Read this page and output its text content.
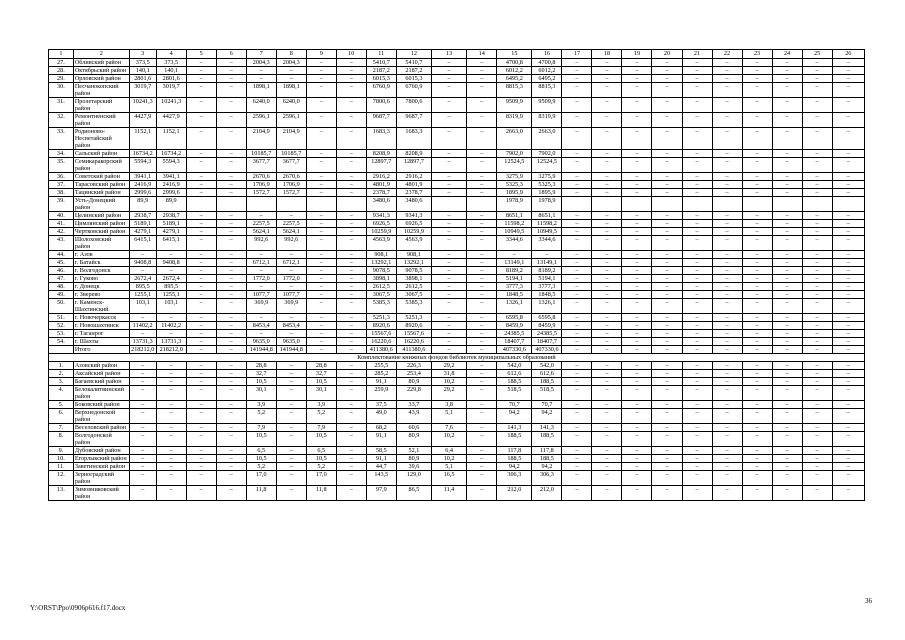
1	2	3	4	5	6	7	8	9	10	11	12	13	14	15	16	17	18	19	20	21	22	23	24	25	26
27.	Обливский район	373,5	373,5	–	–	2004,3	2004,3	–	–	5410,7	5410,7	–	–	4700,8	4700,8	–	–	–	–	–	–	–	–	–	–
28.	Октябрьский район	140,1	140,1	–	–	–	–	–	–	2187,2	2187,2	–	–	6012,2	6012,2	–	–	–	–	–	–	–	–	–	–
29.	Орловский район	2801,6	2801,6	–	–	–	–	–	–	6015,3	6015,3	–	–	6495,2	6495,2	–	–	–	–	–	–	–	–	–	–
30.	Песчанокопский район	3019,7	3019,7	–	–	1898,1	1898,1	–	–	6760,9	6760,9	–	–	8815,3	8815,3	–	–	–	–	–	–	–	–	–	–
31.	Пролетарский район	10241,3	10241,3	–	–	6240,0	6240,0	–	–	7800,6	7800,6	–	–	9509,9	9509,9	–	–	–	–	–	–	–	–	–	–
32.	Ремонтненский район	4427,9	4427,9	–	–	2596,1	2596,1	–	–	9687,7	9687,7	–	–	8319,9	8319,9	–	–	–	–	–	–	–	–	–	–
33.	Родионово-Несветайский район	1152,1	1152,1	–	–	2104,9	2104,9	–	–	1683,3	1683,3	–	–	2663,0	2663,0	–	–	–	–	–	–	–	–	–	–
34.	Сальский район	16734,2	16734,2	–	–	10185,7	10185,7	–	–	8208,9	8208,9	–	–	7902,0	7902,0	–	–	–	–	–	–	–	–	–	–
35.	Семикаракорский район	5594,3	5594,3	–	–	3677,7	3677,7	–	–	12897,7	12897,7	–	–	12524,5	12524,5	–	–	–	–	–	–	–	–	–	–
36.	Советский район	3941,1	3941,1	–	–	2670,6	2670,6	–	–	2916,2	2916,2	–	–	3275,9	3275,9	–	–	–	–	–	–	–	–	–	–
37.	Тарасовский район	2416,9	2416,9	–	–	1706,9	1706,9	–	–	4801,9	4801,9	–	–	5325,3	5325,3	–	–	–	–	–	–	–	–	–	–
38.	Тацинский район	2999,6	2999,6	–	–	1572,7	1572,7	–	–	2378,7	2378,7	–	–	1895,9	1895,9	–	–	–	–	–	–	–	–	–	–
39.	Усть-Донецкий район	89,9	89,9							3480,6	3480,6			1978,9	1978,9										
40.	Целинский район	2938,7	2938,7	–	–	–	–	–	–	9341,3	9341,3	–	–	8651,1	8651,1	–	–	–	–	–	–	–	–	–	–
41.	Цимлянский район	5189,1	5189,1	–	–	2257,5	2257,5	–	–	6926,5	6926,5	–	–	11598,2	11598,2	–	–	–	–	–	–	–	–	–	–
42.	Чертковский район	4279,1	4279,1	–	–	5624,1	5624,1	–	–	10259,9	10259,9	–	–	10949,5	10949,5	–	–	–	–	–	–	–	–	–	–
43.	Шолоховский район	6415,1	6415,1	–	–	992,6	992,6	–	–	4563,9	4563,9	–	–	3344,6	3344,6	–	–	–	–	–	–	–	–	–	–
44.	г. Азов	–	–	–	–	–	–	–	–	908,1	908,1	–	–	–	–	–	–	–	–	–	–	–	–	–	–
45.	г. Батайск	9408,8	9408,8	–	–	6712,1	6712,1	–	–	13292,1	13292,1	–	–	13149,1	13149,1	–	–	–	–	–	–	–	–	–	–
46.	г. Волгодонск	–	–	–	–	–	–	–	–	9078,5	9078,5	–	–	8189,2	8189,2	–	–	–	–	–	–	–	–	–	–
47.	г. Гуково	2672,4	2672,4	–	–	1772,0	1772,0	–	–	3898,1	3898,1	–	–	5194,1	5194,1	–	–	–	–	–	–	–	–	–	–
48.	г. Донецк	895,5	895,5	–	–	–	–	–	–	2612,5	2612,5	–	–	3777,3	3777,3	–	–	–	–	–	–	–	–	–	–
49.	г. Зверево	1255,1	1255,1	–	–	1077,7	1077,7	–	–	3067,5	3067,5	–	–	1848,5	1848,5	–	–	–	–	–	–	–	–	–	–
50.	г. Каменск-Шахтинский	103,1	103,1	–	–	369,9	369,9	–	–	5385,3	5385,3	–	–	1326,1	1326,1	–	–	–	–	–	–	–	–	–	–
51.	г. Новочеркасск	–	–	–	–	–	–	–	–	5251,3	5251,3	–	–	6595,8	6595,8	–	–	–	–	–	–	–	–	–	–
52.	г. Новошахтинск	11402,2	11402,2	–	–	8453,4	8453,4	–	–	8920,6	8920,6	–	–	8459,9	8459,9	–	–	–	–	–	–	–	–	–	–
53.	г. Таганрог	–	–	–	–	–	–	–	–	15567,6	15567,6	–	–	24385,5	24385,5	–	–	–	–	–	–	–	–	–	–
54.	г. Шахты	13731,3	13731,3	–	–	9635,0	9635,0	–	–	16220,6	16220,6	–	–	18407,7	18407,7	–	–	–	–	–	–	–	–	–	–
	Итого	218212,0	218212,0	–	–	141944,8	141944,8	–	–	411380,6	411380,6	–	–	407330,6	407330,6	–	–	–	–	–	–	–	–	–	–
Комплектование книжных фондов библиотек муниципальных образований																									
1.	Азовский район	–	–	–	–	28,8	–	28,8	–	255,5	226,3	29,2	–	542,0	542,0	–	–	–	–	–	–	–	–	–	–
2.	Аксайский район	–	–	–	–	32,7	–	32,7	–	285,2	253,4	31,8	–	612,6	612,6	–	–	–	–	–	–	–	–	–	–
3.	Багаевский район	–	–	–	–	10,5	–	10,5	–	91,1	80,9	10,2	–	188,5	188,5	–	–	–	–	–	–	–	–	–	–
4.	Белокалитвинский район	–	–	–	–	30,1	–	30,1	–	259,9	229,8	29,2	–	518,5	518,5	–	–	–	–	–	–	–	–	–	–
5.	Боковский район	–	–	–	–	3,9	–	3,9	–	37,5	33,7	3,8	–	70,7	70,7	–	–	–	–	–	–	–	–	–	–
6.	Верхнедонской район	–	–	–	–	5,2	–	5,2	–	49,0	43,9	5,1	–	94,2	94,2	–	–	–	–	–	–	–	–	–	–
7.	Веселовский район	–	–	–	–	7,9	–	7,9	–	68,2	60,6	7,6	–	141,3	141,3	–	–	–	–	–	–	–	–	–	–
8.	Волгодонской район	–	–	–	–	10,5	–	10,5	–	91,1	80,9	10,2	–	188,5	188,5	–	–	–	–	–	–	–	–	–	–
9.	Дубовский район	–	–	–	–	6,5	–	6,5	–	58,5	52,1	6,4	–	117,8	117,8	–	–	–	–	–	–	–	–	–	–
10.	Егорлыкский район	–	–	–	–	10,5	–	10,5	–	91,1	80,9	10,2	–	188,5	188,5	–	–	–	–	–	–	–	–	–	–
11.	Заветинский район	–	–	–	–	5,2	–	5,2	–	44,7	39,6	5,1	–	94,2	94,2	–	–	–	–	–	–	–	–	–	–
12.	Зерноградский район	–	–	–	–	17,0	–	17,0	–	143,5	129,0	16,5	–	306,3	306,3	–	–	–	–	–	–	–	–	–	–
13.	Зимовниковский район	–	–	–	–	11,8	–	11,8	–	97,9	86,5	11,4	–	212,0	212,0	–	–	–	–	–	–	–	–	–	–
36
Y:\ORST\Ppo\0906p616.f17.docx
